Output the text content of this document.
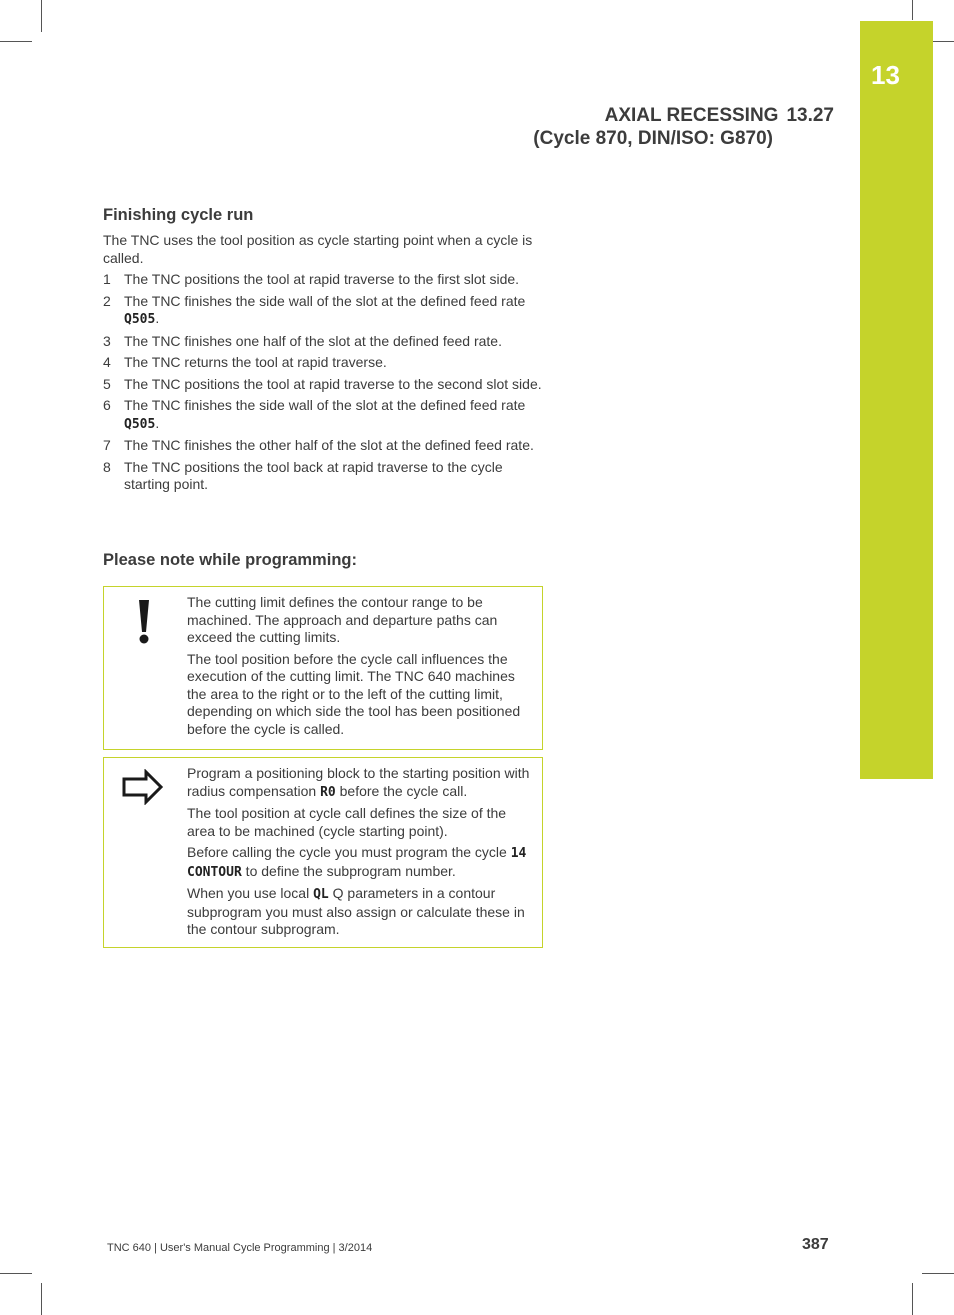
13
AXIAL RECESSING 13.27
(Cycle 870, DIN/ISO: G870)
Finishing cycle run

The TNC uses the tool position as cycle starting point when a cycle is called.

1 The TNC positions the tool at rapid traverse to the first slot side.
2 The TNC finishes the side wall of the slot at the defined feed rate Q505.
3 The TNC finishes one half of the slot at the defined feed rate.
4 The TNC returns the tool at rapid traverse.
5 The TNC positions the tool at rapid traverse to the second slot side.
6 The TNC finishes the side wall of the slot at the defined feed rate Q505.
7 The TNC finishes the other half of the slot at the defined feed rate.
8 The TNC positions the tool back at rapid traverse to the cycle starting point.
Please note while programming:

The cutting limit defines the contour range to be machined. The approach and departure paths can exceed the cutting limits.

The tool position before the cycle call influences the execution of the cutting limit. The TNC 640 machines the area to the right or to the left of the cutting limit, depending on which side the tool has been positioned before the cycle is called.

Program a positioning block to the starting position with radius compensation R0 before the cycle call.

The tool position at cycle call defines the size of the area to be machined (cycle starting point).

Before calling the cycle you must program the cycle 14 CONTOUR to define the subprogram number.

When you use local QL Q parameters in a contour subprogram you must also assign or calculate these in the contour subprogram.

TNC 640 | User's Manual Cycle Programming | 3/2014	387
